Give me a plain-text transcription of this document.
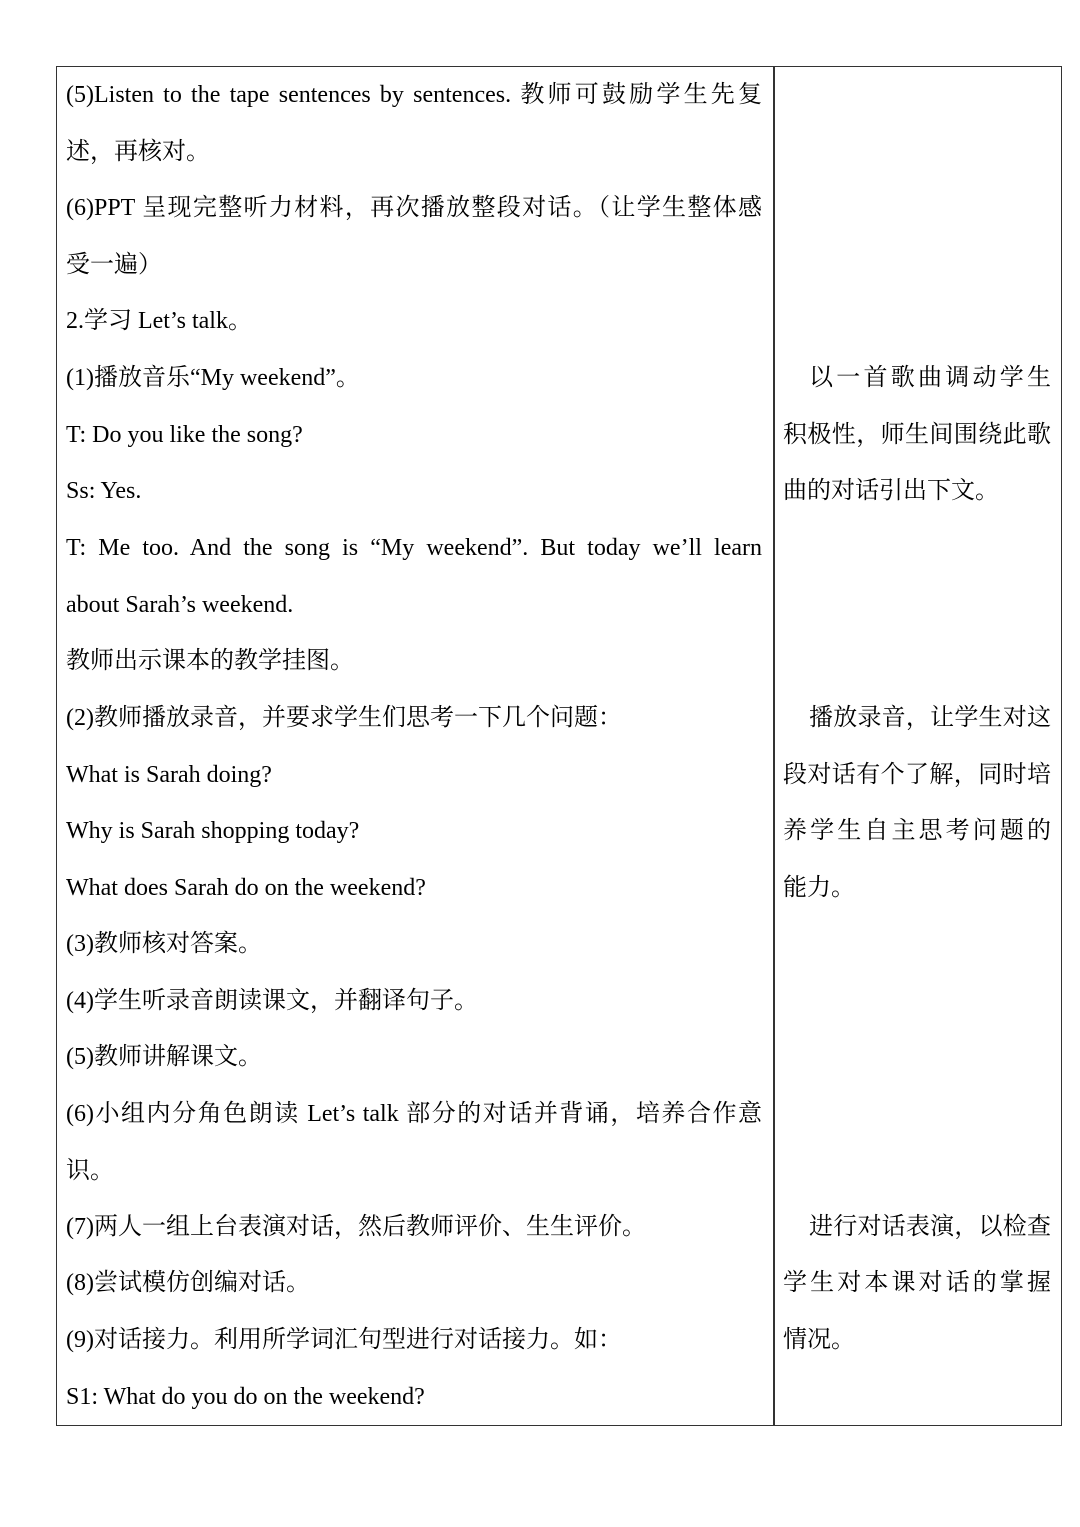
(5)Listen to the tape sentences by sentences. 教师可鼓励学生先复
述，再核对。
(6)PPT 呈现完整听力材料，再次播放整段对话。（让学生整体感
受一遍）
2.学习 Let’s talk。
(1)播放音乐“My weekend”。
T: Do you like the song?
Ss: Yes.
T: Me too. And the song is “My weekend”. But today we’ll learn
about Sarah’s weekend.
教师出示课本的教学挂图。
(2)教师播放录音，并要求学生们思考一下几个问题：
What is Sarah doing?
Why is Sarah shopping today?
What does Sarah do on the weekend?
(3)教师核对答案。
(4)学生听录音朗读课文，并翻译句子。
(5)教师讲解课文。
(6)小组内分角色朗读 Let’s talk 部分的对话并背诵，培养合作意
识。
(7)两人一组上台表演对话，然后教师评价、生生评价。
(8)尝试模仿创编对话。
(9)对话接力。利用所学词汇句型进行对话接力。如：
S1: What do you do on the weekend?
以一首歌曲调动学生
积极性，师生间围绕此歌
曲的对话引出下文。
播放录音，让学生对这
段对话有个了解，同时培
养学生自主思考问题的
能力。
进行对话表演，以检查
学生对本课对话的掌握
情况。
